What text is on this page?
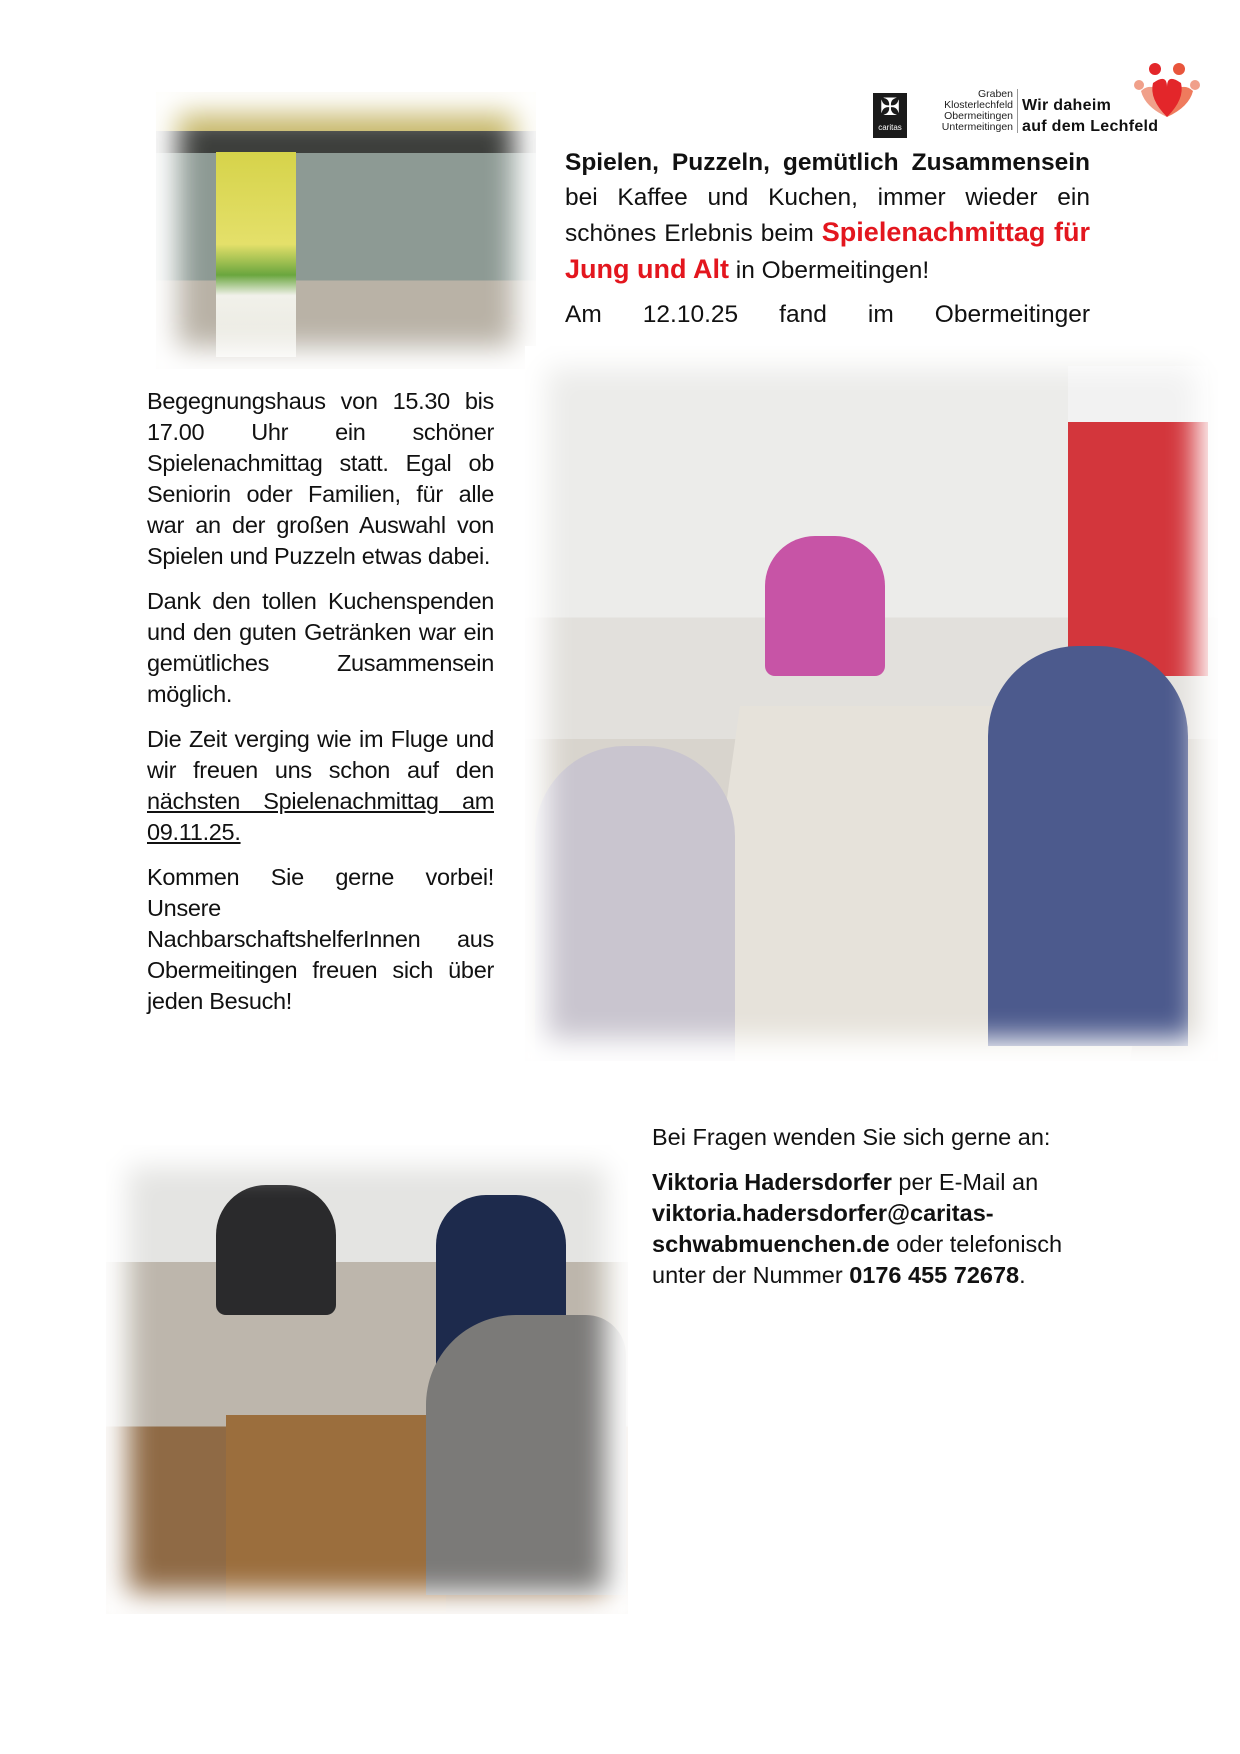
✠
caritas
Graben
Klosterlechfeld
Obermeitingen
Untermeitingen
Wir daheim
auf dem Lechfeld

Spielen, Puzzeln, gemütlich Zusammensein bei Kaffee und Kuchen, immer wieder ein schönes Erlebnis beim Spielenachmittag für Jung und Alt in Obermeitingen!

Am 12.10.25 fand im Obermeitinger

Begegnungshaus von 15.30 bis 17.00 Uhr ein schöner Spielenachmittag statt. Egal ob Seniorin oder Familien, für alle war an der großen Auswahl von Spielen und Puzzeln etwas dabei.

Dank den tollen Kuchenspenden und den guten Getränken war ein gemütliches Zusammensein möglich.

Die Zeit verging wie im Fluge und wir freuen uns schon auf den nächsten Spielenachmittag am 09.11.25.

Kommen Sie gerne vorbei! Unsere NachbarschaftshelferInnen aus Obermeitingen freuen sich über jeden Besuch!

Bei Fragen wenden Sie sich gerne an:

Viktoria Hadersdorfer per E-Mail an viktoria.hadersdorfer@caritas-schwabmuenchen.de oder telefonisch unter der Nummer 0176 455 72678.
